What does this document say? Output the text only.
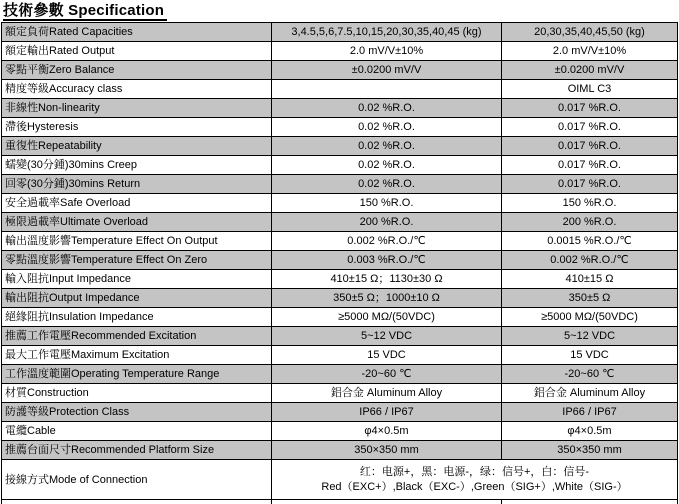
技術參數 Specification
額定負荷Rated Capacities	3,4.5,5,6,7.5,10,15,20,30,35,40,45 (kg)	20,30,35,40,45,50 (kg)
額定輸出Rated Output	2.0 mV/V±10%	2.0 mV/V±10%
零點平衡Zero Balance	±0.0200 mV/V	±0.0200 mV/V
精度等級Accuracy class		OIML C3
非線性Non-linearity	0.02 %R.O.	0.017 %R.O.
滯後Hysteresis	0.02 %R.O.	0.017 %R.O.
重復性Repeatability	0.02 %R.O.	0.017 %R.O.
蠕變(30分鍾)30mins Creep	0.02 %R.O.	0.017 %R.O.
回零(30分鍾)30mins Return	0.02 %R.O.	0.017 %R.O.
安全過載率Safe Overload	150 %R.O.	150 %R.O.
極限過載率Ultimate Overload	200 %R.O.	200 %R.O.
輸出溫度影響Temperature Effect On Output	0.002 %R.O./℃	0.0015 %R.O./℃
零點溫度影響Temperature Effect On Zero	0.003 %R.O./℃	0.002 %R.O./℃
輸入阻抗Input Impedance	410±15 Ω；1130±30 Ω	410±15 Ω
輸出阻抗Output Impedance	350±5 Ω；1000±10 Ω	350±5 Ω
絕緣阻抗Insulation Impedance	≥5000 MΩ/(50VDC)	≥5000 MΩ/(50VDC)
推薦工作電壓Recommended Excitation	5~12 VDC	5~12 VDC
最大工作電壓Maximum Excitation	15 VDC	15 VDC
工作溫度範圍Operating Temperature Range	-20~60 ℃	-20~60 ℃
材質Construction	鋁合金 Aluminum Alloy	鋁合金 Aluminum Alloy
防護等級Protection Class	IP66 / IP67	IP66 / IP67
電纜Cable	φ4×0.5m	φ4×0.5m
推薦台面尺寸Recommended Platform Size	350×350 mm	350×350 mm
接線方式Mode of Connection	红：电源+，黑：电源-，绿：信号+，白：信号-
Red（EXC+）,Black（EXC-）,Green（SIG+）,White（SIG-）	
